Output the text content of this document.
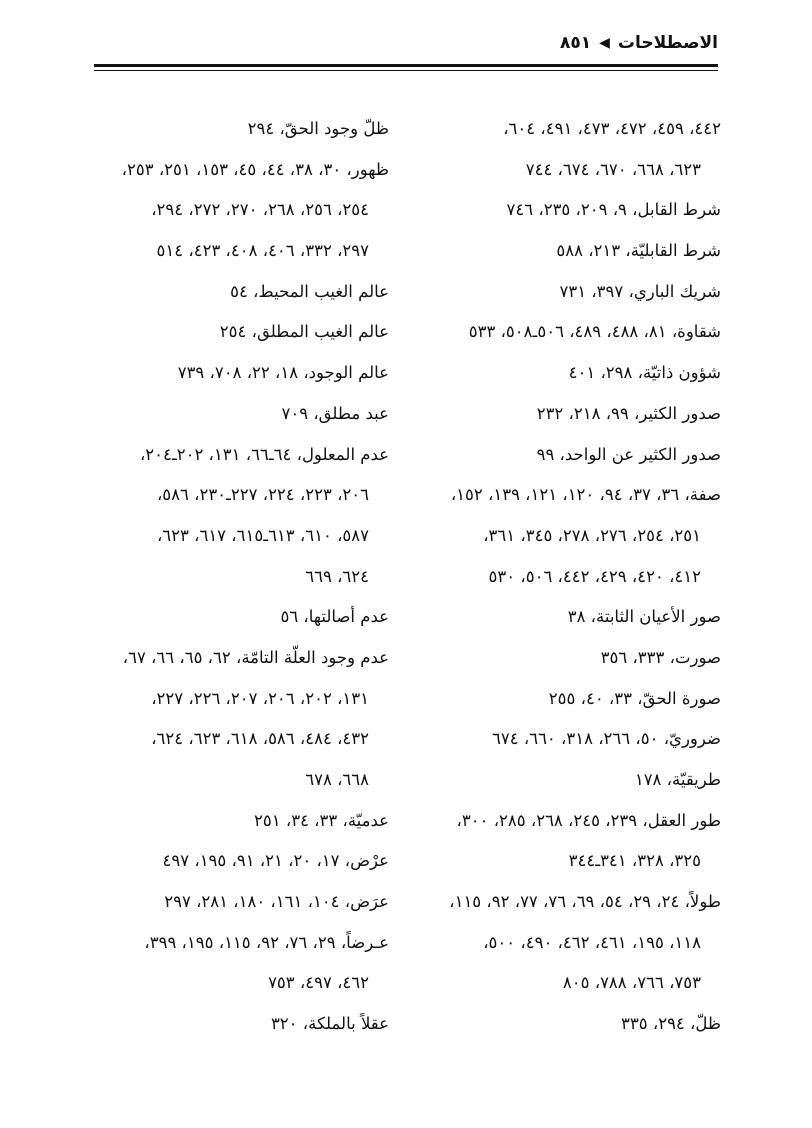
الاصطلاحات
◀
٨٥١
٤٤٢، ٤٥٩، ٤٧٢، ٤٧٣، ٤٩١، ٦٠٤،
٦٢٣، ٦٦٨، ٦٧٠، ٦٧٤، ٧٤٤
شرط القابل، ٩، ٢٠٩، ٢٣٥، ٧٤٦
شرط القابليّة، ٢١٣، ٥٨٨
شريك الباري، ٣٩٧، ٧٣١
شقاوة، ٨١، ٤٨٨، ٤٨٩، ٥٠٦ـ٥٠٨، ٥٣٣
شؤون ذاتيّة، ٢٩٨، ٤٠١
صدور الكثير، ٩٩، ٢١٨، ٢٣٢
صدور الكثير عن الواحد، ٩٩
صفة، ٣٦، ٣٧، ٩٤، ١٢٠، ١٢١، ١٣٩، ١٥٢،
٢٥١، ٢٥٤، ٢٧٦، ٢٧٨، ٣٤٥، ٣٦١،
٤١٢، ٤٢٠، ٤٢٩، ٤٤٢، ٥٠٦، ٥٣٠
صور الأعيان الثابتة، ٣٨
صورت، ٣٣٣، ٣٥٦
صورة الحقّ، ٣٣، ٤٠، ٢٥٥
ضروريّ، ٥٠، ٢٦٦، ٣١٨، ٦٦٠، ٦٧٤
طريقيّة، ١٧٨
طور العقل، ٢٣٩، ٢٤٥، ٢٦٨، ٢٨٥، ٣٠٠،
٣٢٥، ٣٢٨، ٣٤١ـ٣٤٤
طولاً، ٢٤، ٢٩، ٥٤، ٦٩، ٧٦، ٧٧، ٩٢، ١١٥،
١١٨، ١٩٥، ٤٦١، ٤٦٢، ٤٩٠، ٥٠٠،
٧٥٣، ٧٦٦، ٧٨٨، ٨٠٥
ظلّ، ٢٩٤، ٣٣٥
ظلّ وجود الحقّ، ٢٩٤
ظهور، ٣٠، ٣٨، ٤٤، ٤٥، ١٥٣، ٢٥١، ٢٥٣،
٢٥٤، ٢٥٦، ٢٦٨، ٢٧٠، ٢٧٢، ٢٩٤،
٢٩٧، ٣٣٢، ٤٠٦، ٤٠٨، ٤٢٣، ٥١٤
عالم الغيب المحيط، ٥٤
عالم الغيب المطلق، ٢٥٤
عالم الوجود، ١٨، ٢٢، ٧٠٨، ٧٣٩
عبد مطلق، ٧٠٩
عدم المعلول، ٦٤ـ٦٦، ١٣١، ٢٠٢ـ٢٠٤،
٢٠٦، ٢٢٣، ٢٢٤، ٢٢٧ـ٢٣٠، ٥٨٦،
٥٨٧، ٦١٠، ٦١٣ـ٦١٥، ٦١٧، ٦٢٣،
٦٢٤، ٦٦٩
عدم أصالتها، ٥٦
عدم وجود العلّة التامّة، ٦٢، ٦٥، ٦٦، ٦٧،
١٣١، ٢٠٢، ٢٠٦، ٢٠٧، ٢٢٦، ٢٢٧،
٤٣٢، ٤٨٤، ٥٨٦، ٦١٨، ٦٢٣، ٦٢٤،
٦٦٨، ٦٧٨
عدميّة، ٣٣، ٣٤، ٢٥١
عرْض، ١٧، ٢٠، ٢١، ٩١، ١٩٥، ٤٩٧
عرَض، ١٠٤، ١٦١، ١٨٠، ٢٨١، ٢٩٧
عـرضاً، ٢٩، ٧٦، ٩٢، ١١٥، ١٩٥، ٣٩٩،
٤٦٢، ٤٩٧، ٧٥٣
عقلاً بالملكة، ٣٢٠
